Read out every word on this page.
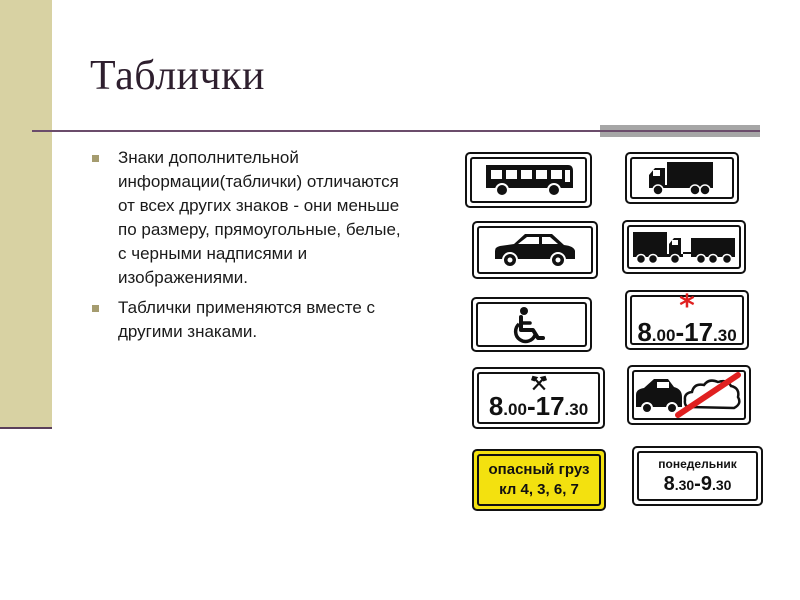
Таблички
Знаки дополнительной информации(таблички) отличаются от всех других знаков - они меньше по размеру, прямоугольные, белые, с черными надписями и изображениями.
Таблички применяются вместе с другими знаками.
*
8.00-17.30
8.00-17.30
опасный груз
кл 4, 3, 6, 7
понедельник
8.30-9.30
